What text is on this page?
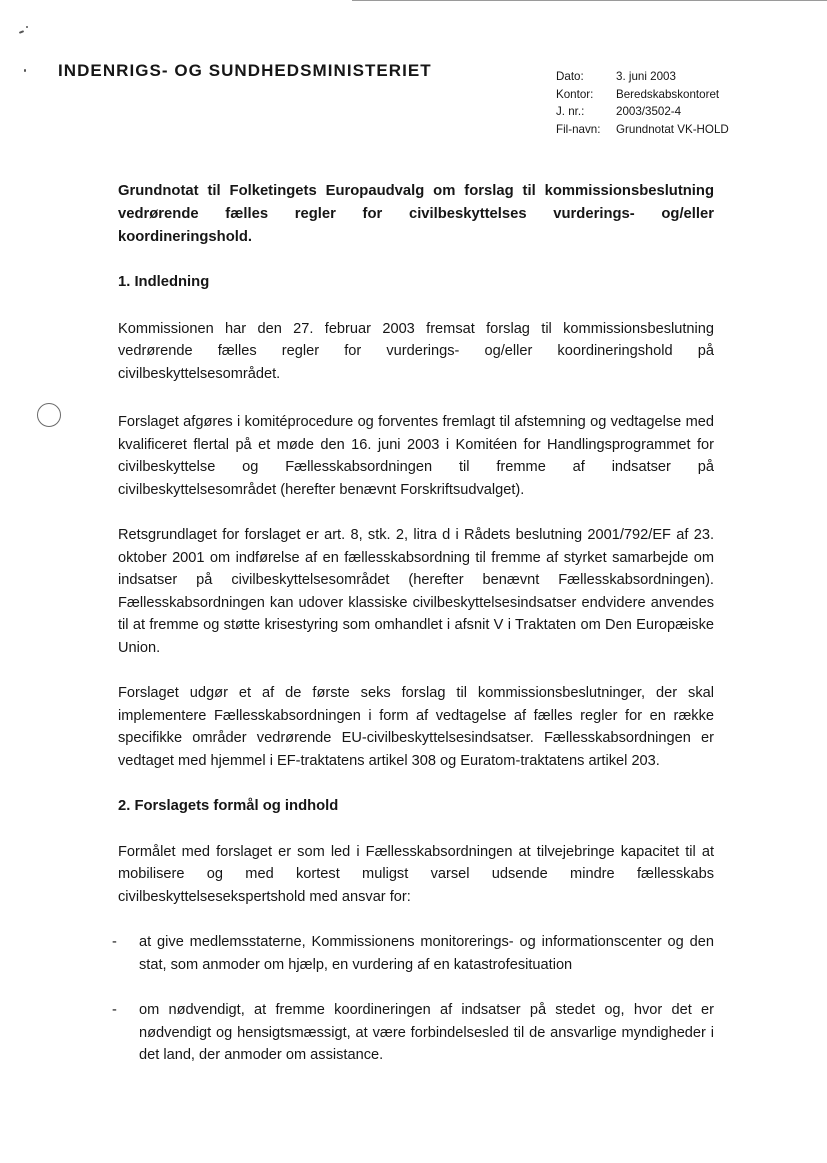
INDENRIGS- OG SUNDHEDSMINISTERIET	Dato:	3. juni 2003
Kontor:	Beredskabskontoret
J. nr.:	2003/3502-4
Fil-navn:	Grundnotat VK-HOLD

Grundnotat til Folketingets Europaudvalg om forslag til kommissionsbeslutning vedrørende fælles regler for civilbeskyttelses vurderings- og/eller koordineringshold.

1. Indledning

Kommissionen har den 27. februar 2003 fremsat forslag til kommissionsbeslutning vedrørende fælles regler for vurderings- og/eller koordineringshold på civilbeskyttelsesområdet.

Forslaget afgøres i komitéprocedure og forventes fremlagt til afstemning og vedtagelse med kvalificeret flertal på et møde den 16. juni 2003 i Komitéen for Handlingsprogrammet for civilbeskyttelse og Fællesskabsordningen til fremme af indsatser på civilbeskyttelsesområdet (herefter benævnt Forskriftsudvalget).

Retsgrundlaget for forslaget er art. 8, stk. 2, litra d i Rådets beslutning 2001/792/EF af 23. oktober 2001 om indførelse af en fællesskabsordning til fremme af styrket samarbejde om indsatser på civilbeskyttelsesområdet (herefter benævnt Fællesskabsordningen). Fællesskabsordningen kan udover klassiske civilbeskyttelsesindsatser endvidere anvendes til at fremme og støtte krisestyring som omhandlet i afsnit V i Traktaten om Den Europæiske Union.

Forslaget udgør et af de første seks forslag til kommissionsbeslutninger, der skal implementere Fællesskabsordningen i form af vedtagelse af fælles regler for en række specifikke områder vedrørende EU-civilbeskyttelsesindsatser. Fællesskabsordningen er vedtaget med hjemmel i EF-traktatens artikel 308 og Euratom-traktatens artikel 203.

2. Forslagets formål og indhold

Formålet med forslaget er som led i Fællesskabsordningen at tilvejebringe kapacitet til at mobilisere og med kortest muligst varsel udsende mindre fællesskabs civilbeskyttelsesekspertshold med ansvar for:

- at give medlemsstaterne, Kommissionens monitorerings- og informationscenter og den stat, som anmoder om hjælp, en vurdering af en katastrofesituation

- om nødvendigt, at fremme koordineringen af indsatser på stedet og, hvor det er nødvendigt og hensigtsmæssigt, at være forbindelsesled til de ansvarlige myndigheder i det land, der anmoder om assistance.
